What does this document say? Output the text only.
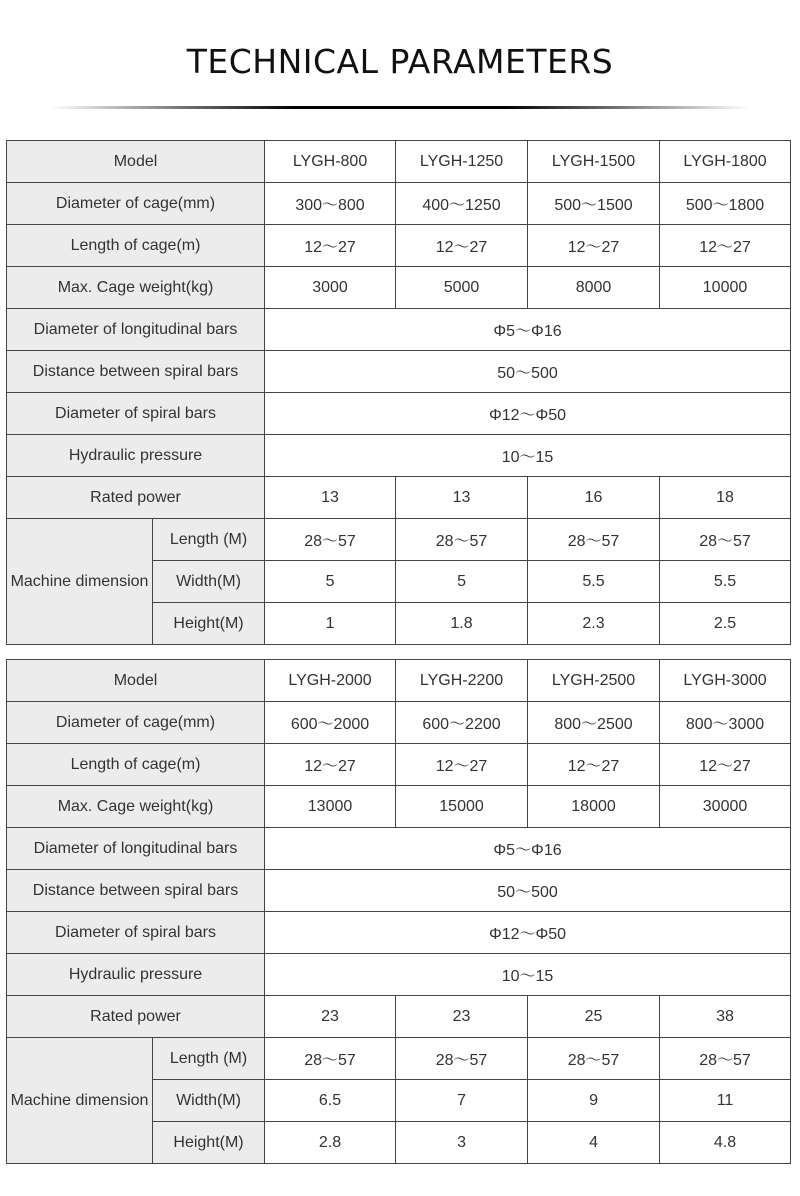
TECHNICAL PARAMETERS
Model		LYGH-800	LYGH-1250	LYGH-1500	LYGH-1800
Diameter of cage(mm)		300～800	400～1250	500～1500	500～1800
Length of cage(m)		12～27	12～27	12～27	12～27
Max. Cage weight(kg)		3000	5000	8000	10000
Diameter of longitudinal bars		Φ5～Φ16			
Distance between spiral bars		50～500			
Diameter of spiral bars		Φ12～Φ50			
Hydraulic pressure		10～15			
Rated power		13	13	16	18
Machine dimension	Length (M)	28～57	28～57	28～57	28～57
	Width(M)	5	5	5.5	5.5
	Height(M)	1	1.8	2.3	2.5
Model		LYGH-2000	LYGH-2200	LYGH-2500	LYGH-3000
Diameter of cage(mm)		600～2000	600～2200	800～2500	800～3000
Length of cage(m)		12～27	12～27	12～27	12～27
Max. Cage weight(kg)		13000	15000	18000	30000
Diameter of longitudinal bars		Φ5～Φ16			
Distance between spiral bars		50～500			
Diameter of spiral bars		Φ12～Φ50			
Hydraulic pressure		10～15			
Rated power		23	23	25	38
Machine dimension	Length (M)	28～57	28～57	28～57	28～57
	Width(M)	6.5	7	9	11
	Height(M)	2.8	3	4	4.8
